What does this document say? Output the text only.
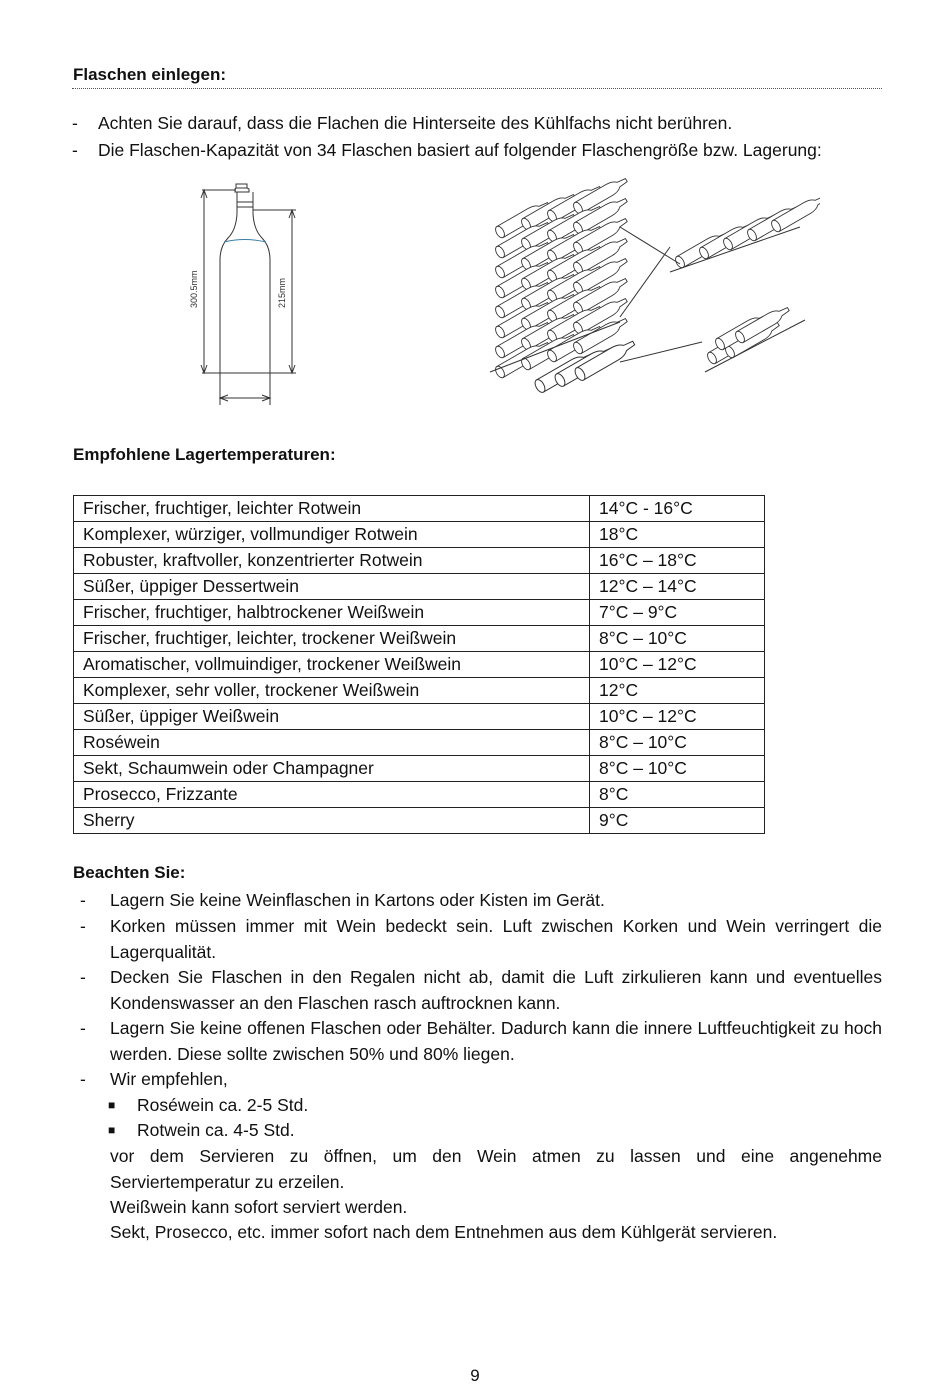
Flaschen einlegen:
- Achten Sie darauf, dass die Flachen die Hinterseite des Kühlfachs nicht berühren.
- Die Flaschen-Kapazität von 34 Flaschen basiert auf folgender Flaschengröße bzw. Lagerung:
300.5mm	215mm
Empfohlene Lagertemperaturen:
Frischer, fruchtiger, leichter Rotwein	14°C - 16°C
Komplexer, würziger, vollmundiger Rotwein	18°C
Robuster, kraftvoller, konzentrierter Rotwein	16°C – 18°C
Süßer, üppiger Dessertwein	12°C – 14°C
Frischer, fruchtiger, halbtrockener Weißwein	7°C – 9°C
Frischer, fruchtiger, leichter, trockener Weißwein	8°C – 10°C
Aromatischer, vollmuindiger, trockener Weißwein	10°C – 12°C
Komplexer, sehr voller, trockener Weißwein	12°C
Süßer, üppiger Weißwein	10°C – 12°C
Roséwein	8°C – 10°C
Sekt, Schaumwein oder Champagner	8°C – 10°C
Prosecco, Frizzante	8°C
Sherry	9°C
Beachten Sie:
- Lagern Sie keine Weinflaschen in Kartons oder Kisten im Gerät.
- Korken müssen immer mit Wein bedeckt sein. Luft zwischen Korken und Wein verringert die Lagerqualität.
- Decken Sie Flaschen in den Regalen nicht ab, damit die Luft zirkulieren kann und eventuelles Kondenswasser an den Flaschen rasch auftrocknen kann.
- Lagern Sie keine offenen Flaschen oder Behälter. Dadurch kann die innere Luftfeuchtigkeit zu hoch werden. Diese sollte zwischen 50% und 80% liegen.
- Wir empfehlen,
■ Roséwein ca. 2-5 Std.
■ Rotwein ca. 4-5 Std.
vor dem Servieren zu öffnen, um den Wein atmen zu lassen und eine angenehme Serviertemperatur zu erzeilen.
Weißwein kann sofort serviert werden.
Sekt, Prosecco, etc. immer sofort nach dem Entnehmen aus dem Kühlgerät servieren.
9
